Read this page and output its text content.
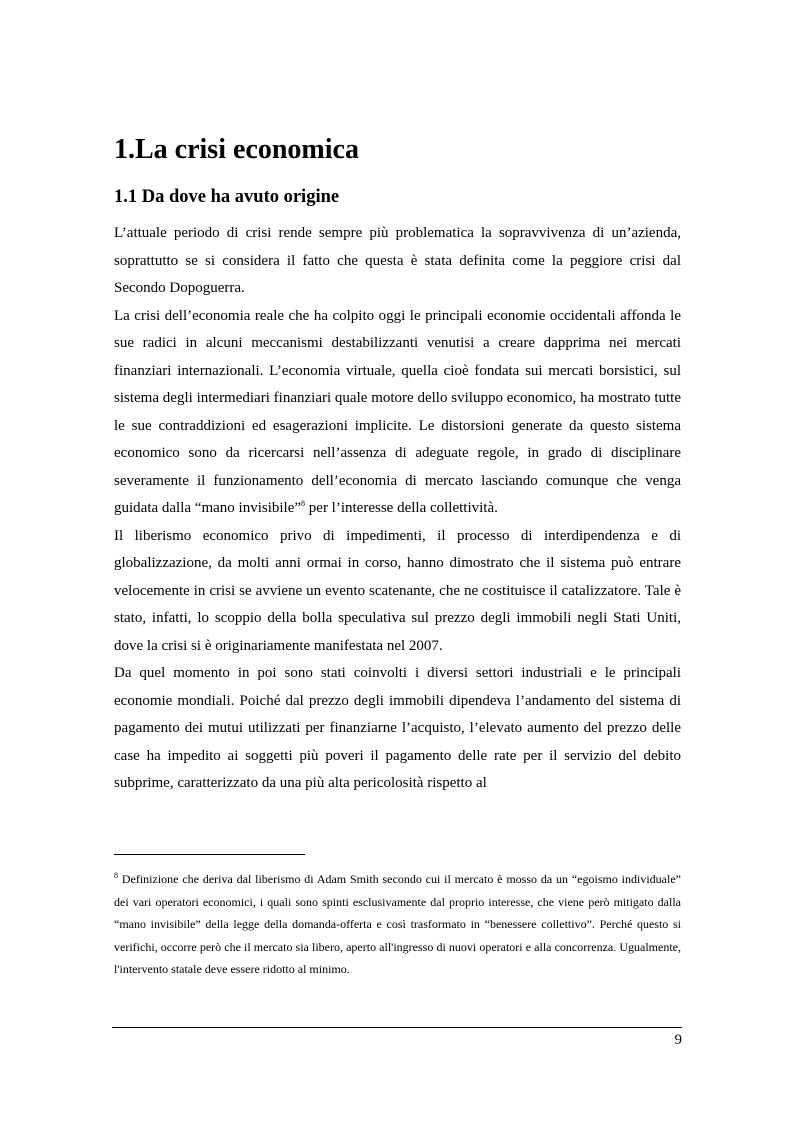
1.La crisi economica
1.1 Da dove ha avuto origine

L’attuale periodo di crisi rende sempre più problematica la sopravvivenza di un’azienda, soprattutto se si considera il fatto che questa è stata definita come la peggiore crisi dal Secondo Dopoguerra.

La crisi dell’economia reale che ha colpito oggi le principali economie occidentali affonda le sue radici in alcuni meccanismi destabilizzanti venutisi a creare dapprima nei mercati finanziari internazionali. L’economia virtuale, quella cioè fondata sui mercati borsistici, sul sistema degli intermediari finanziari quale motore dello sviluppo economico, ha mostrato tutte le sue contraddizioni ed esagerazioni implicite. Le distorsioni generate da questo sistema economico sono da ricercarsi nell’assenza di adeguate regole, in grado di disciplinare severamente il funzionamento dell’economia di mercato lasciando comunque che venga guidata dalla “mano invisibile”$^8$ per l’interesse della collettività.

Il liberismo economico privo di impedimenti, il processo di interdipendenza e di globalizzazione, da molti anni ormai in corso, hanno dimostrato che il sistema può entrare velocemente in crisi se avviene un evento scatenante, che ne costituisce il catalizzatore. Tale è stato, infatti, lo scoppio della bolla speculativa sul prezzo degli immobili negli Stati Uniti, dove la crisi si è originariamente manifestata nel 2007.

Da quel momento in poi sono stati coinvolti i diversi settori industriali e le principali economie mondiali. Poiché dal prezzo degli immobili dipendeva l’andamento del sistema di pagamento dei mutui utilizzati per finanziarne l’acquisto, l’elevato aumento del prezzo delle case ha impedito ai soggetti più poveri il pagamento delle rate per il servizio del debito subprime, caratterizzato da una più alta pericolosità rispetto al

$^8$ Definizione che deriva dal liberismo di Adam Smith secondo cui il mercato è mosso da un “egoismo individuale” dei vari operatori economici, i quali sono spinti esclusivamente dal proprio interesse, che viene però mitigato dalla “mano invisibile” della legge della domanda-offerta e così trasformato in “benessere collettivo”. Perché questo si verifichi, occorre però che il mercato sia libero, aperto all'ingresso di nuovi operatori e alla concorrenza. Ugualmente, l'intervento statale deve essere ridotto al minimo.

9
